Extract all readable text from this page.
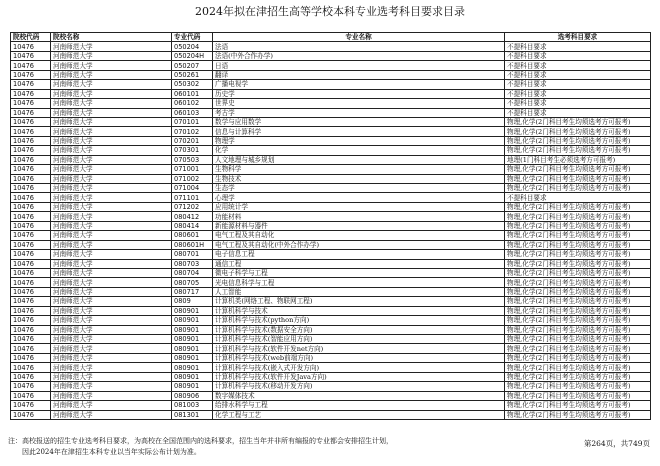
2024年拟在津招生高等学校本科专业选考科目要求目录
院校代码	院校名称	专业代码	专业名称	选考科目要求
10476	河南师范大学	050204	法语	不提科目要求
10476	河南师范大学	050204H	法语(中外合作办学)	不提科目要求
10476	河南师范大学	050207	日语	不提科目要求
10476	河南师范大学	050261	翻译	不提科目要求
10476	河南师范大学	050302	广播电视学	不提科目要求
10476	河南师范大学	060101	历史学	不提科目要求
10476	河南师范大学	060102	世界史	不提科目要求
10476	河南师范大学	060103	考古学	不提科目要求
10476	河南师范大学	070101	数学与应用数学	物理,化学(2门科目考生均须选考方可报考)
10476	河南师范大学	070102	信息与计算科学	物理,化学(2门科目考生均须选考方可报考)
10476	河南师范大学	070201	物理学	物理,化学(2门科目考生均须选考方可报考)
10476	河南师范大学	070301	化学	物理,化学(2门科目考生均须选考方可报考)
10476	河南师范大学	070503	人文地理与城乡规划	地理(1门科目考生必须选考方可报考)
10476	河南师范大学	071001	生物科学	物理,化学(2门科目考生均须选考方可报考)
10476	河南师范大学	071002	生物技术	物理,化学(2门科目考生均须选考方可报考)
10476	河南师范大学	071004	生态学	物理,化学(2门科目考生均须选考方可报考)
10476	河南师范大学	071101	心理学	不提科目要求
10476	河南师范大学	071202	应用统计学	物理,化学(2门科目考生均须选考方可报考)
10476	河南师范大学	080412	功能材料	物理,化学(2门科目考生均须选考方可报考)
10476	河南师范大学	080414	新能源材料与器件	物理,化学(2门科目考生均须选考方可报考)
10476	河南师范大学	080601	电气工程及其自动化	物理,化学(2门科目考生均须选考方可报考)
10476	河南师范大学	080601H	电气工程及其自动化(中外合作办学)	物理,化学(2门科目考生均须选考方可报考)
10476	河南师范大学	080701	电子信息工程	物理,化学(2门科目考生均须选考方可报考)
10476	河南师范大学	080703	通信工程	物理,化学(2门科目考生均须选考方可报考)
10476	河南师范大学	080704	微电子科学与工程	物理,化学(2门科目考生均须选考方可报考)
10476	河南师范大学	080705	光电信息科学与工程	物理,化学(2门科目考生均须选考方可报考)
10476	河南师范大学	080717	人工智能	物理,化学(2门科目考生均须选考方可报考)
10476	河南师范大学	0809	计算机类(网络工程、物联网工程)	物理,化学(2门科目考生均须选考方可报考)
10476	河南师范大学	080901	计算机科学与技术	物理,化学(2门科目考生均须选考方可报考)
10476	河南师范大学	080901	计算机科学与技术(python方向)	物理,化学(2门科目考生均须选考方可报考)
10476	河南师范大学	080901	计算机科学与技术(数据安全方向)	物理,化学(2门科目考生均须选考方可报考)
10476	河南师范大学	080901	计算机科学与技术(智能应用方向)	物理,化学(2门科目考生均须选考方可报考)
10476	河南师范大学	080901	计算机科学与技术(软件开发net方向)	物理,化学(2门科目考生均须选考方可报考)
10476	河南师范大学	080901	计算机科学与技术(web前端方向)	物理,化学(2门科目考生均须选考方可报考)
10476	河南师范大学	080901	计算机科学与技术(嵌入式开发方向)	物理,化学(2门科目考生均须选考方可报考)
10476	河南师范大学	080901	计算机科学与技术(软件开发Java方向)	物理,化学(2门科目考生均须选考方可报考)
10476	河南师范大学	080901	计算机科学与技术(移动开发方向)	物理,化学(2门科目考生均须选考方可报考)
10476	河南师范大学	080906	数字媒体技术	物理,化学(2门科目考生均须选考方可报考)
10476	河南师范大学	081003	给排水科学与工程	物理,化学(2门科目考生均须选考方可报考)
10476	河南师范大学	081301	化学工程与工艺	物理,化学(2门科目考生均须选考方可报考)
注：高校报送的招生专业选考科目要求，为高校在全国范围内的选科要求，招生当年并非所有编报的专业都会安排招生计划，
因此2024年在津招生本科专业以当年实际公布计划为准。
第264页，共749页
